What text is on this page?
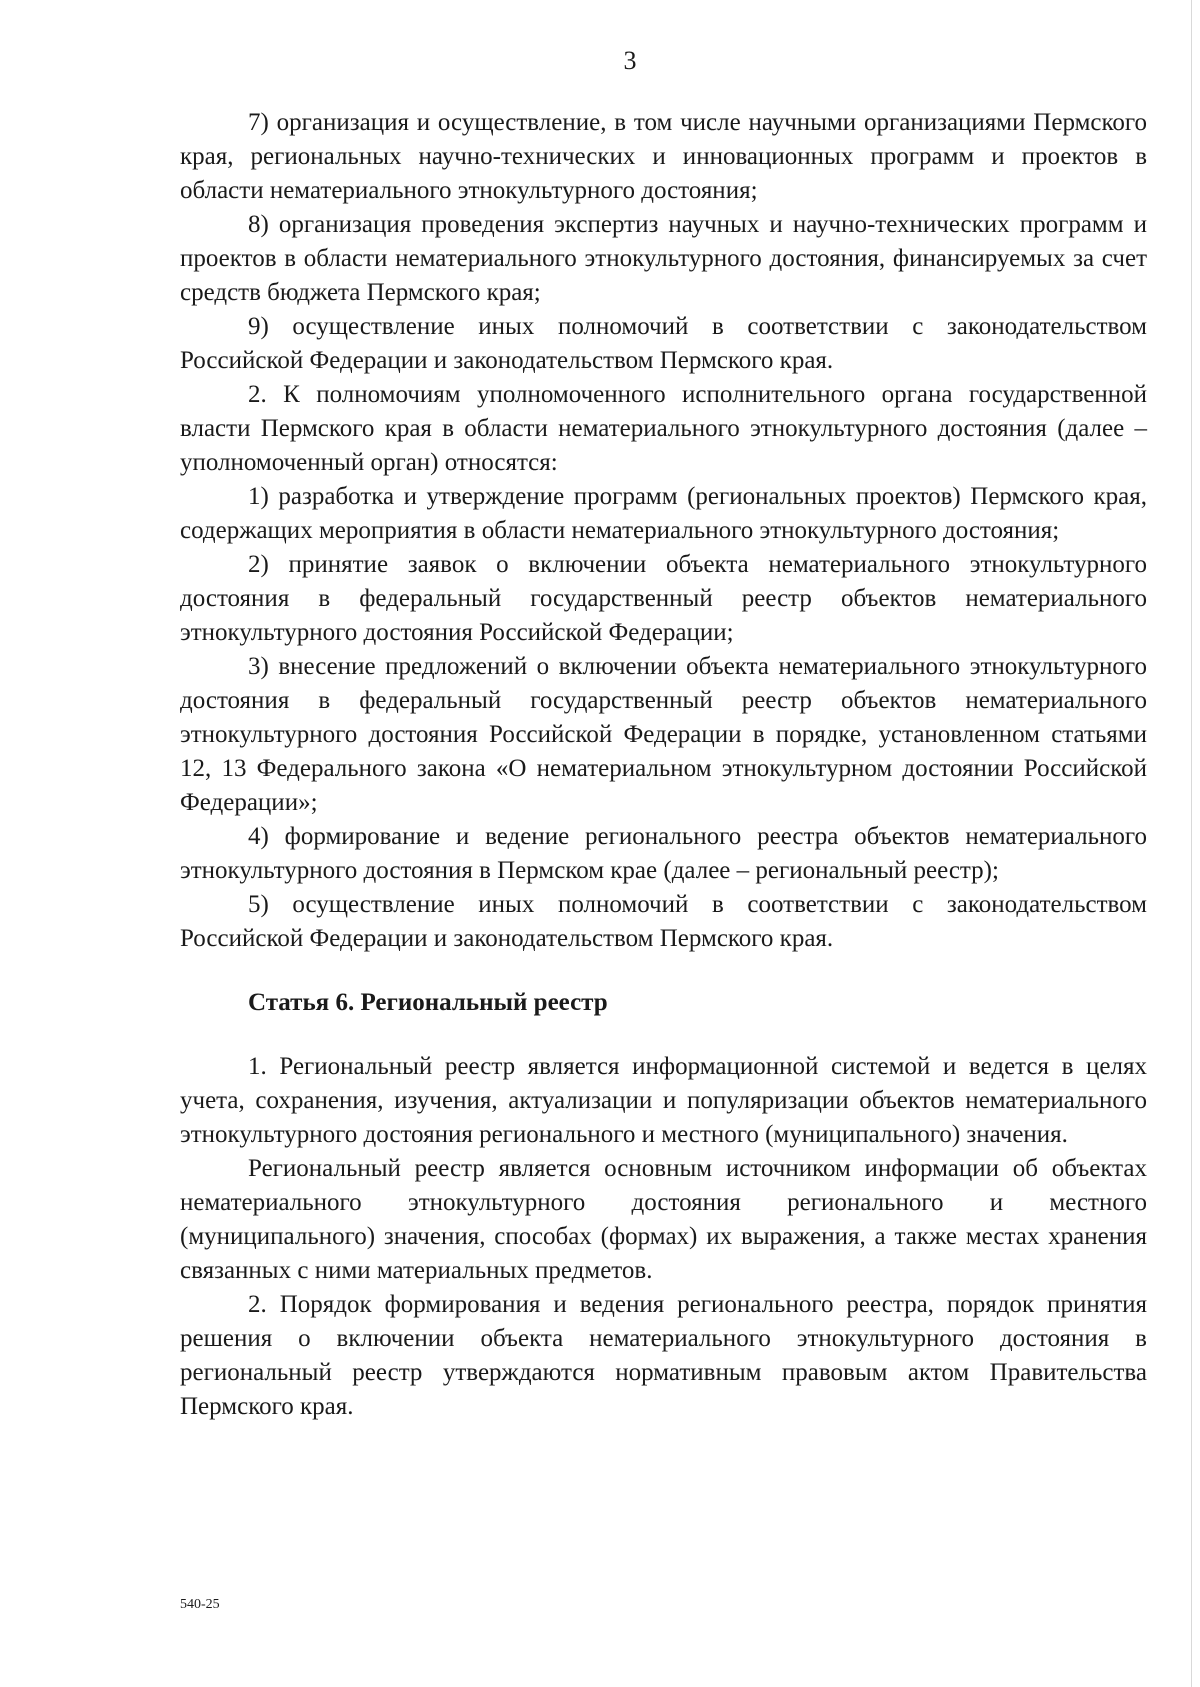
3

7) организация и осуществление, в том числе научными организациями Пермского края, региональных научно-технических и инновационных программ и проектов в области нематериального этнокультурного достояния;

8) организация проведения экспертиз научных и научно-технических программ и проектов в области нематериального этнокультурного достояния, финансируемых за счет средств бюджета Пермского края;

9) осуществление иных полномочий в соответствии с законодательством Российской Федерации и законодательством Пермского края.

2. К полномочиям уполномоченного исполнительного органа государственной власти Пермского края в области нематериального этнокультурного достояния (далее – уполномоченный орган) относятся:

1) разработка и утверждение программ (региональных проектов) Пермского края, содержащих мероприятия в области нематериального этнокультурного достояния;

2) принятие заявок о включении объекта нематериального этнокультурного достояния в федеральный государственный реестр объектов нематериального этнокультурного достояния Российской Федерации;

3) внесение предложений о включении объекта нематериального этнокультурного достояния в федеральный государственный реестр объектов нематериального этнокультурного достояния Российской Федерации в порядке, установленном статьями 12, 13 Федерального закона «О нематериальном этнокультурном достоянии Российской Федерации»;

4) формирование и ведение регионального реестра объектов нематериального этнокультурного достояния в Пермском крае (далее – региональный реестр);

5) осуществление иных полномочий в соответствии с законодательством Российской Федерации и законодательством Пермского края.

Статья 6. Региональный реестр

1. Региональный реестр является информационной системой и ведется в целях учета, сохранения, изучения, актуализации и популяризации объектов нематериального этнокультурного достояния регионального и местного (муниципального) значения.

Региональный реестр является основным источником информации об объектах нематериального этнокультурного достояния регионального и местного (муниципального) значения, способах (формах) их выражения, а также местах хранения связанных с ними материальных предметов.

2. Порядок формирования и ведения регионального реестра, порядок принятия решения о включении объекта нематериального этнокультурного достояния в региональный реестр утверждаются нормативным правовым актом Правительства Пермского края.

540-25
